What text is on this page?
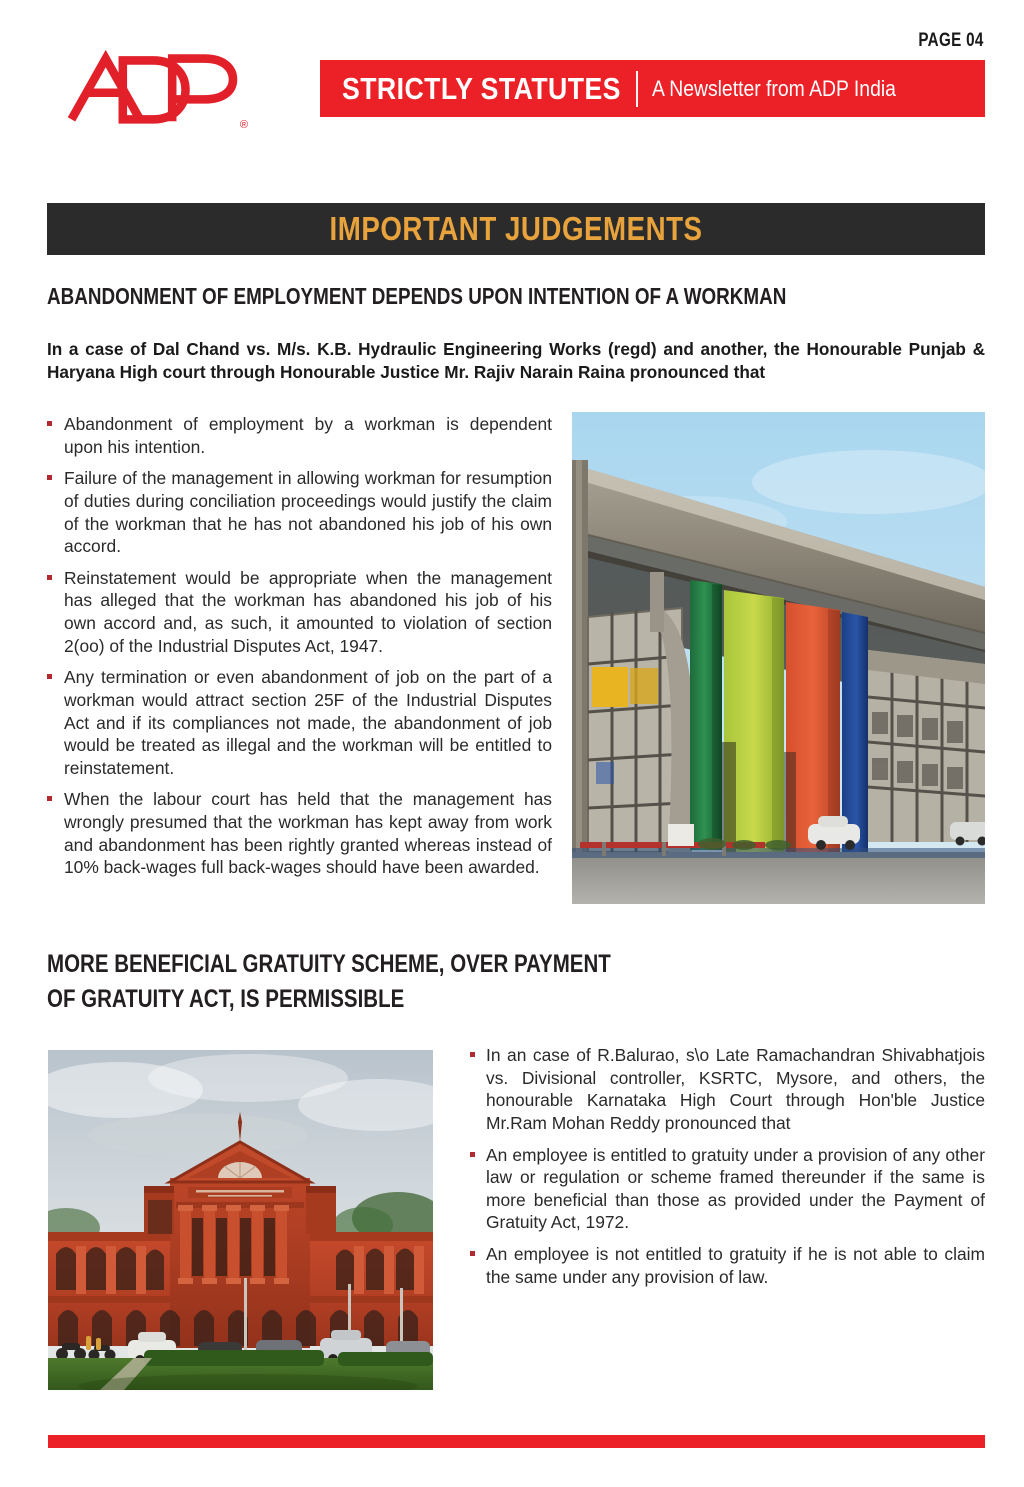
PAGE 04
®
STRICTLY STATUTES A Newsletter from ADP India
IMPORTANT JUDGEMENTS
ABANDONMENT OF EMPLOYMENT DEPENDS UPON INTENTION OF A WORKMAN
In a case of Dal Chand vs. M/s. K.B. Hydraulic Engineering Works (regd) and another, the Honourable Punjab & Haryana High court through Honourable Justice Mr. Rajiv Narain Raina pronounced that
Abandonment of employment by a workman is dependent upon his intention.
Failure of the management in allowing workman for resumption of duties during conciliation proceedings would justify the claim of the workman that he has not abandoned his job of his own accord.
Reinstatement would be appropriate when the management has alleged that the workman has abandoned his job of his own accord and, as such, it amounted to violation of section 2(oo) of the Industrial Disputes Act, 1947.
Any termination or even abandonment of job on the part of a workman would attract section 25F of the Industrial Disputes Act and if its compliances not made, the abandonment of job would be treated as illegal and the workman will be entitled to reinstatement.
When the labour court has held that the management has wrongly presumed that the workman has kept away from work and abandonment has been rightly granted whereas instead of 10% back-wages full back-wages should have been awarded.
MORE BENEFICIAL GRATUITY SCHEME, OVER PAYMENT
OF GRATUITY ACT, IS PERMISSIBLE
In an case of R.Balurao, s\o Late Ramachandran Shivabhatjois vs. Divisional controller, KSRTC, Mysore, and others, the honourable Karnataka High Court through Hon'ble Justice Mr.Ram Mohan Reddy pronounced that
An employee is entitled to gratuity under a provision of any other law or regulation or scheme framed thereunder if the same is more beneficial than those as provided under the Payment of Gratuity Act, 1972.
An employee is not entitled to gratuity if he is not able to claim the same under any provision of law.
